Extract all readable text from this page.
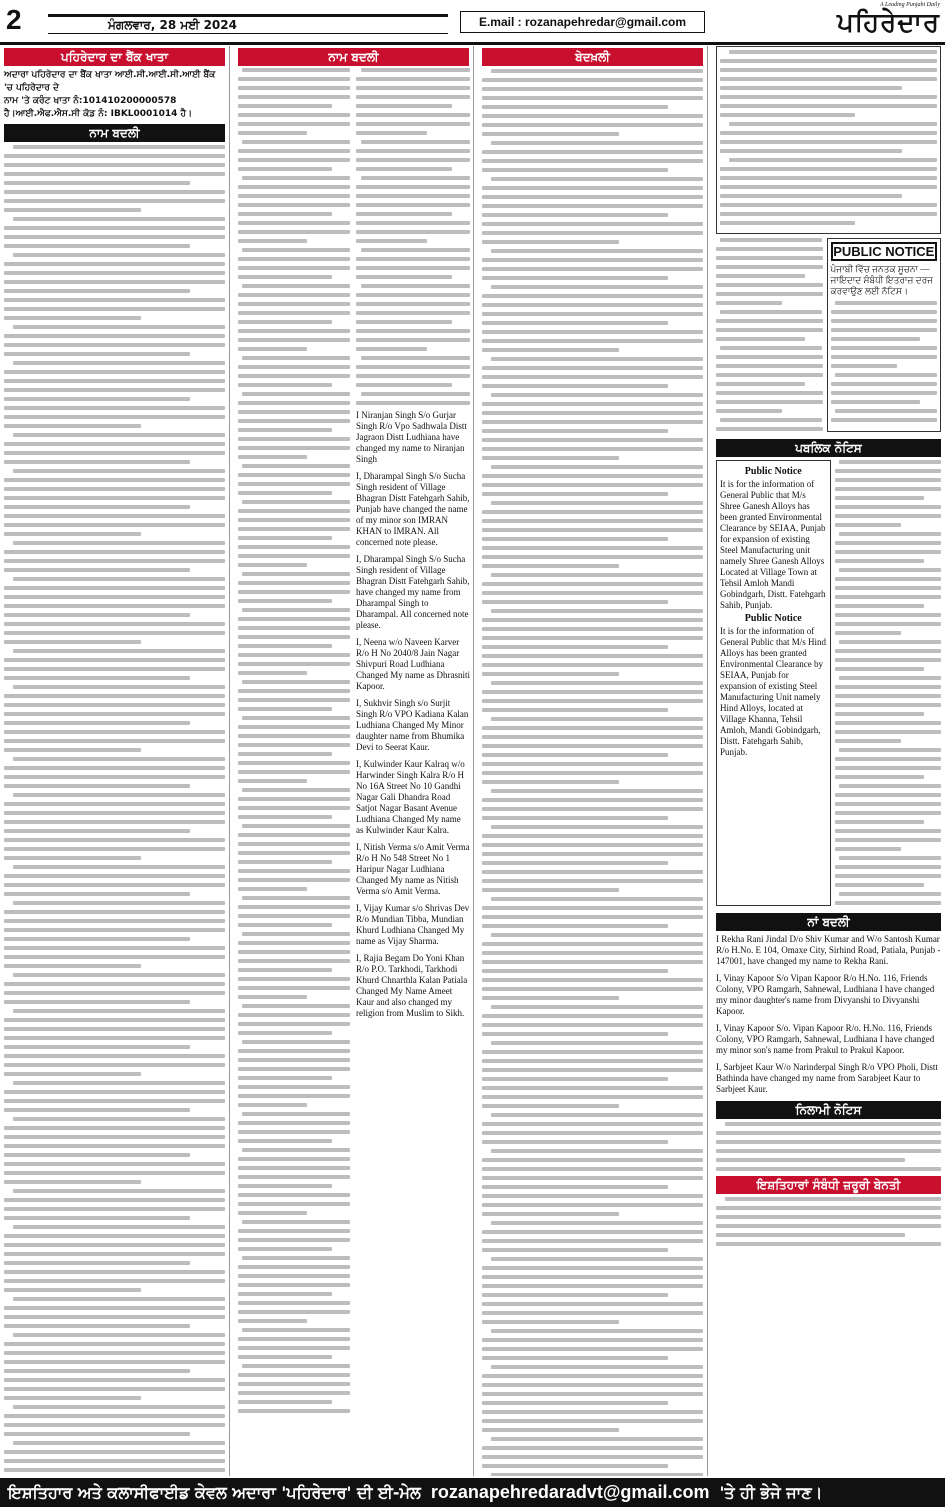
2	ਮੰਗਲਵਾਰ, 28 ਮਈ 2024	E.mail : rozanapehredar@gmail.com
A Leading Punjabi Daily
ਪਹਿਰੇਦਾਰ
ਪਹਿਰੇਦਾਰ ਦਾ ਬੈਂਕ ਖਾਤਾ

ਅਦਾਰਾ ਪਹਿਰੇਦਾਰ ਦਾ ਬੈਂਕ ਖਾਤਾ ਆਈ.ਸੀ.ਆਈ.ਸੀ.ਆਈ ਬੈਂਕ 'ਚ ਪਹਿਰੇਦਾਰ ਦੇ

ਨਾਮ 'ਤੇ ਕਰੰਟ ਖਾਤਾ ਨੰ:101410200000578

ਹੈ।ਆਈ.ਐਫ.ਐਸ.ਸੀ ਕੋਡ ਨੰ: IBKL0001014 ਹੈ।

ਨਾਮ ਬਦਲੀ
ਨਾਮ ਬਦਲੀ
I Niranjan Singh S/o Gurjar Singh R/o Vpo Sadhwala Distt Jagraon Distt Ludhiana have changed my name to Niranjan Singh
I, Dharampal Singh S/o Sucha Singh resident of Village Bhagran Distt Fatehgarh Sahib, Punjab have changed the name of my minor son IMRAN KHAN to IMRAN. All concerned note please.
I, Dharampal Singh S/o Sucha Singh resident of Village Bhagran Distt Fatehgarh Sahib, have changed my name from Dharampal Singh to Dharampal. All concerned note please.
I, Neena w/o Naveen Karver R/o H No 2040/8 Jain Nagar Shivpuri Road Ludhiana Changed My name as Dhrasniti Kapoor.
I, Sukhvir Singh s/o Surjit Singh R/o VPO Kadiana Kalan Ludhiana Changed My Minor daughter name from Bhumika Devi to Seerat Kaur.
I, Kulwinder Kaur Kalraq w/o Harwinder Singh Kalra R/o H No 16A Street No 10 Gandhi Nagar Gali Dhandra Road Satjot Nagar Basant Avenue Ludhiana Changed My name as Kulwinder Kaur Kalra.
I, Nitish Verma s/o Amit Verma R/o H No 548 Street No 1 Haripur Nagar Ludhiana Changed My name as Nitish Verma s/o Amit Verma.
I, Vijay Kumar s/o Shrivas Dev R/o Mundian Tibba, Mundian Khurd Ludhiana Changed My name as Vijay Sharma.
I, Rajia Begam Do Yoni Khan R/o P.O. Tarkhodi, Tarkhodi Khurd Chnarthla Kalan Patiala Changed My Name Ameet Kaur and also changed my religion from Muslim to Sikh.
ਬੇਦਖ਼ਲੀ
PUBLIC NOTICE
ਪੰਜਾਬੀ ਵਿੱਚ ਜਨਤਕ ਸੂਚਨਾ — ਜਾਇਦਾਦ ਸੰਬੰਧੀ ਇਤਰਾਜ਼ ਦਰਜ ਕਰਵਾਉਣ ਲਈ ਨੋਟਿਸ।
ਪਬਲਿਕ ਨੋਟਿਸ
Public Notice
It is for the information of General Public that M/s Shree Ganesh Alloys has been granted Environmental Clearance by SEIAA, Punjab for expansion of existing Steel Manufacturing unit namely Shree Ganesh Alloys Located at Village Town at Tehsil Amloh Mandi Gobindgarh, Distt. Fatehgarh Sahib, Punjab.
Public Notice
It is for the information of General Public that M/s Hind Alloys has been granted Environmental Clearance by SEIAA, Punjab for expansion of existing Steel Manufacturing Unit namely Hind Alloys, located at Village Khanna, Tehsil Amloh, Mandi Gobindgarh, Distt. Fatehgarh Sahib, Punjab.
ਨਾਂ ਬਦਲੀ
I Rekha Rani Jindal D/o Shiv Kumar and W/o Santosh Kumar R/o H.No. E 104, Omaxe City, Sirhind Road, Patiala, Punjab - 147001, have changed my name to Rekha Rani.
I, Vinay Kapoor S/o Vipan Kapoor R/o H.No. 116, Friends Colony, VPO Ramgarh, Sahnewal, Ludhiana I have changed my minor daughter's name from Divyanshi to Divyanshi Kapoor.
I, Vinay Kapoor S/o. Vipan Kapoor R/o. H.No. 116, Friends Colony, VPO Ramgarh, Sahnewal, Ludhiana I have changed my minor son's name from Prakul to Prakul Kapoor.
I, Sarbjeet Kaur W/o Narinderpal Singh R/o VPO Pholi, Distt Bathinda have changed my name from Sarabjeet Kaur to Sarbjeet Kaur.
ਨਿਲਾਮੀ ਨੋਟਿਸ
ਇਸ਼ਤਿਹਾਰਾਂ ਸੰਬੰਧੀ ਜ਼ਰੂਰੀ ਬੇਨਤੀ
ਇਸ਼ਤਿਹਾਰ ਅਤੇ ਕਲਾਸੀਫਾਈਡ ਕੇਵਲ ਅਦਾਰਾ 'ਪਹਿਰੇਦਾਰ' ਦੀ ਈ-ਮੇਲ rozanapehredaradvt@gmail.com 'ਤੇ ਹੀ ਭੇਜੇ ਜਾਣ।
